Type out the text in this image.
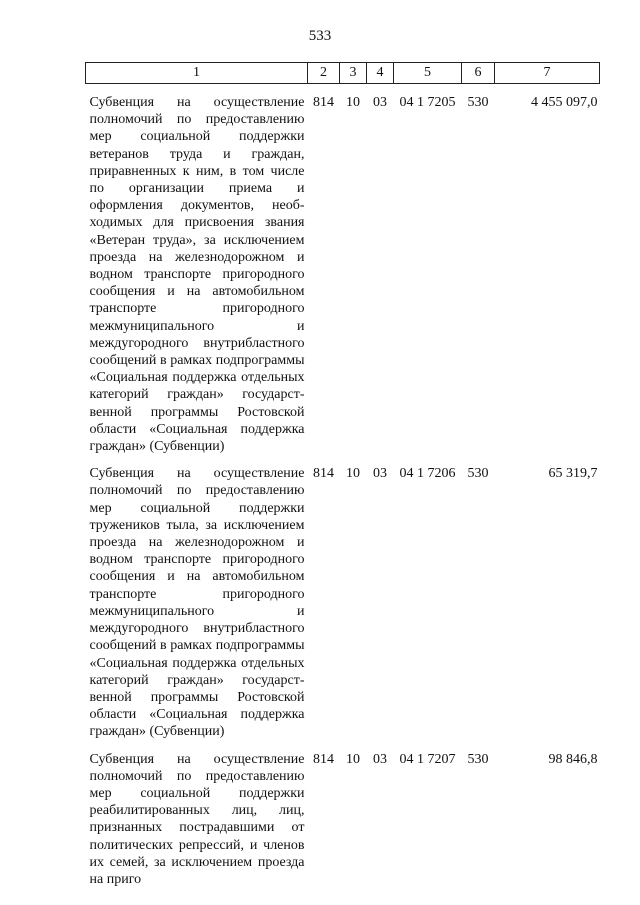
533
1	2	3	4	5	6	7

Субвенция на осуществление полномочий по предоставлению мер социальной поддержки ветеранов труда и граждан, приравненных к ним, в том числе по организации приема и оформления документов, необходимых для присвоения звания «Ветеран труда», за исключением проезда на железнодорожном и водном транспорте пригородного сообщения и на автомобильном транспорте пригородного межмуниципального и междугородного внутрибластного сообщений в рамках подпрограммы «Социальная поддержка отдельных категорий граждан» государственной программы Ростовской области «Социальная поддержка граждан» (Субвенции)	814	10	03	04 1 7205	530	4 455 097,0

Субвенция на осуществление полномочий по предоставлению мер социальной поддержки тружеников тыла, за исключением проезда на железнодорожном и водном транспорте пригородного сообщения и на автомобильном транспорте пригородного межмуниципального и междугородного внутрибластного сообщений в рамках подпрограммы «Социальная поддержка отдельных категорий граждан» государственной программы Ростовской области «Социальная поддержка граждан» (Субвенции)	814	10	03	04 1 7206	530	65 319,7

Субвенция на осуществление полномочий по предоставлению мер социальной поддержки реабилитированных лиц, лиц, признанных пострадавшими от политических репрессий, и членов их семей, за исключением проезда на приго	814	10	03	04 1 7207	530	98 846,8
